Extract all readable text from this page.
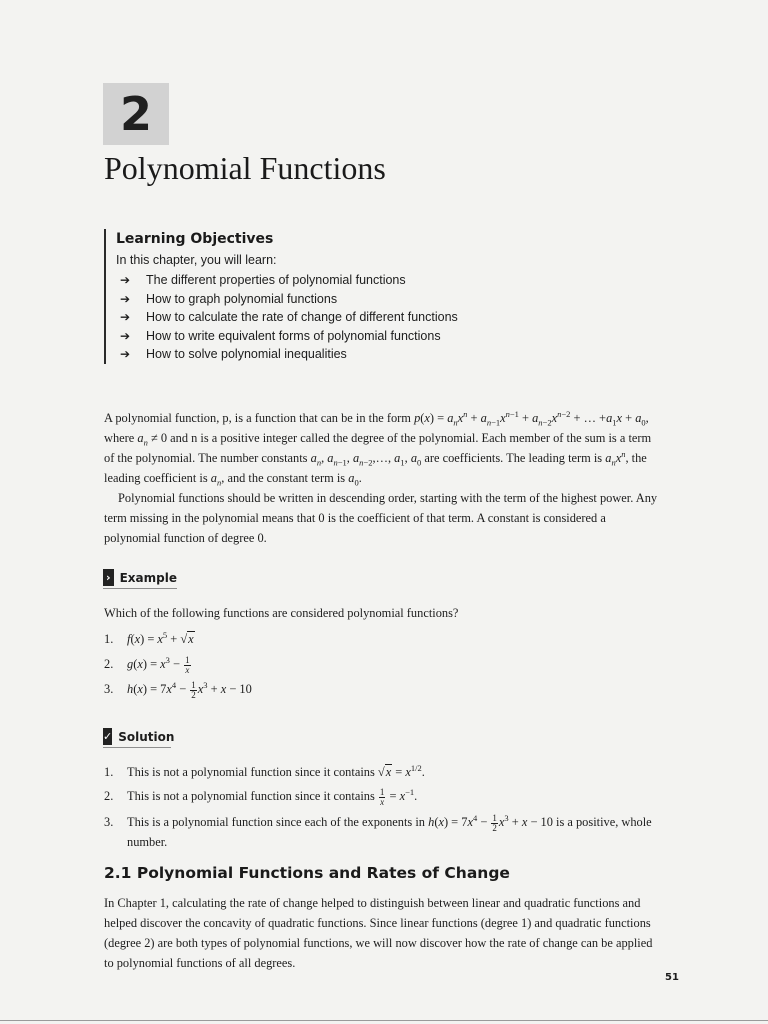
2
Polynomial Functions
Learning Objectives
In this chapter, you will learn:
➔	The different properties of polynomial functions
➔	How to graph polynomial functions
➔	How to calculate the rate of change of different functions
➔	How to write equivalent forms of polynomial functions
➔	How to solve polynomial inequalities

A polynomial function, p, is a function that can be in the form $p(x) = a_nx^n + a_{n-1}x^{n-1} + a_{n-2}x^{n-2}$ + … $+a_1x + a_0$, where $a_n \ne 0$ and n is a positive integer called the degree of the polynomial. Each member of the sum is a term of the polynomial. The number constants $a_n$, $a_{n-1}$, $a_{n-2},\dots$, $a_1$, $a_0$ are coefficients. The leading term is $a_nx^n$, the leading coefficient is $a_n$, and the constant term is $a_0$.

Polynomial functions should be written in descending order, starting with the term of the highest power. Any term missing in the polynomial means that 0 is the coefficient of that term. A constant is considered a polynomial function of degree 0.

› Example
Which of the following functions are considered polynomial functions?
1.	$f(x) = x^5 + √x$
2.	$g(x) = x^3 - \frac{1}{x}$
3.	$h(x) = 7x^4 - \frac{1}{2} x^3 + x - 10$
✓ Solution
1.	This is not a polynomial function since it contains $√x = x^{1/2}$.
2.	This is not a polynomial function since it contains $\frac{1}{x} = x^{-1}$.
3.	This is a polynomial function since each of the exponents in $h(x) = 7x^4 - \frac{1}{2} x^3 + x - 10$ is a positive, whole number.
2.1 Polynomial Functions and Rates of Change
In Chapter 1, calculating the rate of change helped to distinguish between linear and quadratic functions and helped discover the concavity of quadratic functions. Since linear functions (degree 1) and quadratic functions (degree 2) are both types of polynomial functions, we will now discover how the rate of change can be applied to polynomial functions of all degrees.
51
